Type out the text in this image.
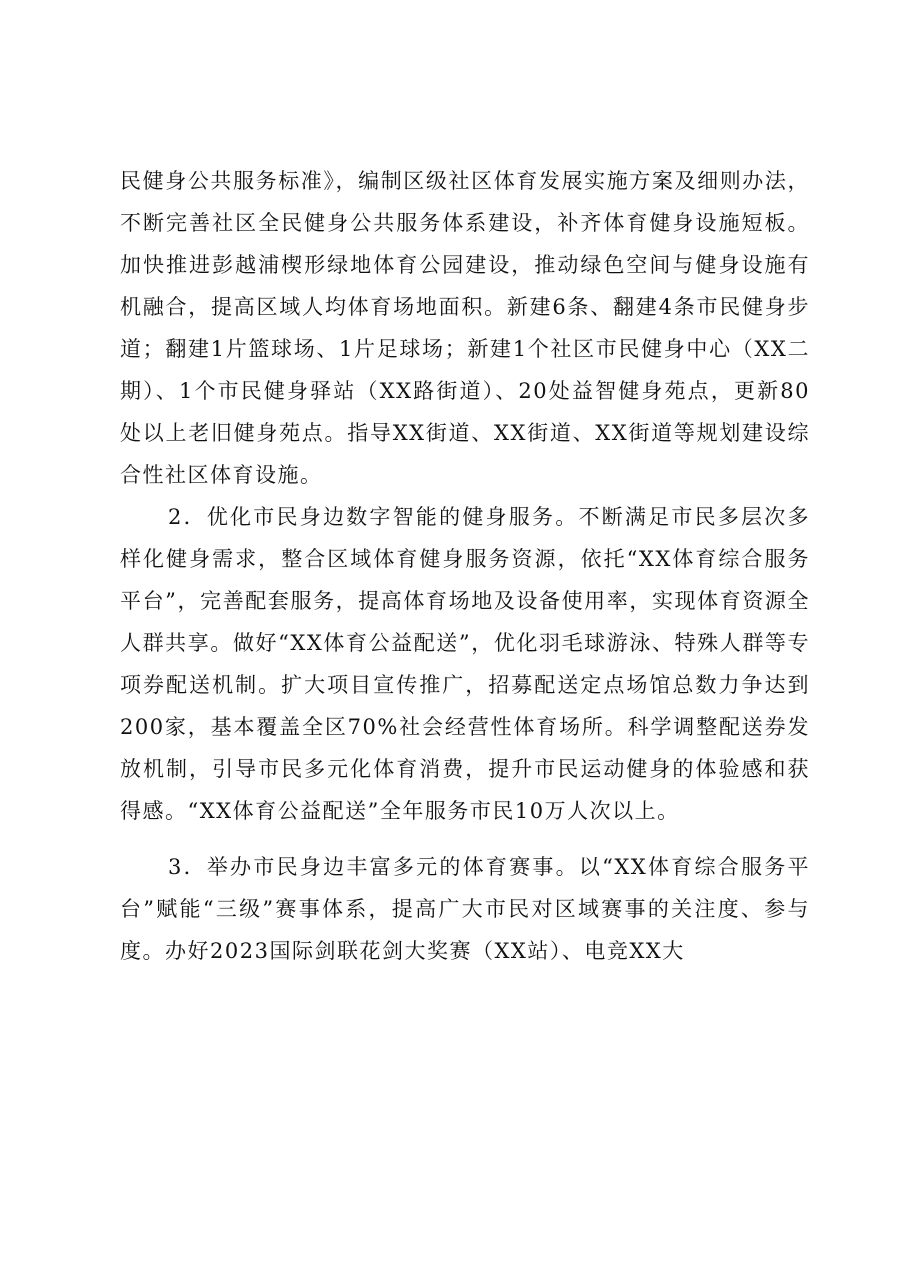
民健身公共服务标准》，编制区级社区体育发展实施方案及细则办法，不断完善社区全民健身公共服务体系建设，补齐体育健身设施短板。加快推进彭越浦楔形绿地体育公园建设，推动绿色空间与健身设施有机融合，提高区域人均体育场地面积。新建6条、翻建4条市民健身步道；翻建1片篮球场、1片足球场；新建1个社区市民健身中心（XX二期）、1个市民健身驿站（XX路街道）、20处益智健身苑点，更新80处以上老旧健身苑点。指导XX街道、XX街道、XX街道等规划建设综合性社区体育设施。

2．优化市民身边数字智能的健身服务。不断满足市民多层次多样化健身需求，整合区域体育健身服务资源，依托“XX体育综合服务平台”，完善配套服务，提高体育场地及设备使用率，实现体育资源全人群共享。做好“XX体育公益配送”，优化羽毛球游泳、特殊人群等专项券配送机制。扩大项目宣传推广，招募配送定点场馆总数力争达到200家，基本覆盖全区70%社会经营性体育场所。科学调整配送券发放机制，引导市民多元化体育消费，提升市民运动健身的体验感和获得感。“XX体育公益配送”全年服务市民10万人次以上。

3．举办市民身边丰富多元的体育赛事。以“XX体育综合服务平台”赋能“三级”赛事体系，提高广大市民对区域赛事的关注度、参与度。办好2023国际剑联花剑大奖赛（XX站）、电竞XX大
